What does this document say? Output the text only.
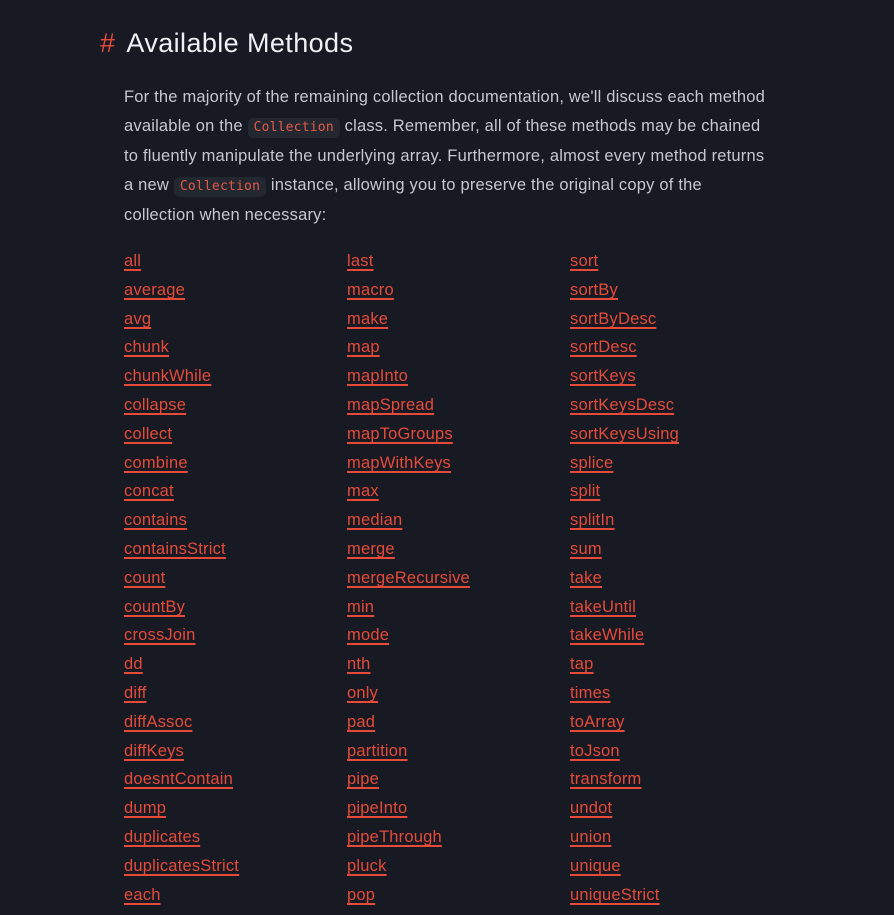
# Available Methods

For the majority of the remaining collection documentation, we'll discuss each method available on the Collection class. Remember, all of these methods may be chained to fluently manipulate the underlying array. Furthermore, almost every method returns a new Collection instance, allowing you to preserve the original copy of the collection when necessary:

all
average
avg
chunk
chunkWhile
collapse
collect
combine
concat
contains
containsStrict
count
countBy
crossJoin
dd
diff
diffAssoc
diffKeys
doesntContain
dump
duplicates
duplicatesStrict
each
last
macro
make
map
mapInto
mapSpread
mapToGroups
mapWithKeys
max
median
merge
mergeRecursive
min
mode
nth
only
pad
partition
pipe
pipeInto
pipeThrough
pluck
pop
sort
sortBy
sortByDesc
sortDesc
sortKeys
sortKeysDesc
sortKeysUsing
splice
split
splitIn
sum
take
takeUntil
takeWhile
tap
times
toArray
toJson
transform
undot
union
unique
uniqueStrict
